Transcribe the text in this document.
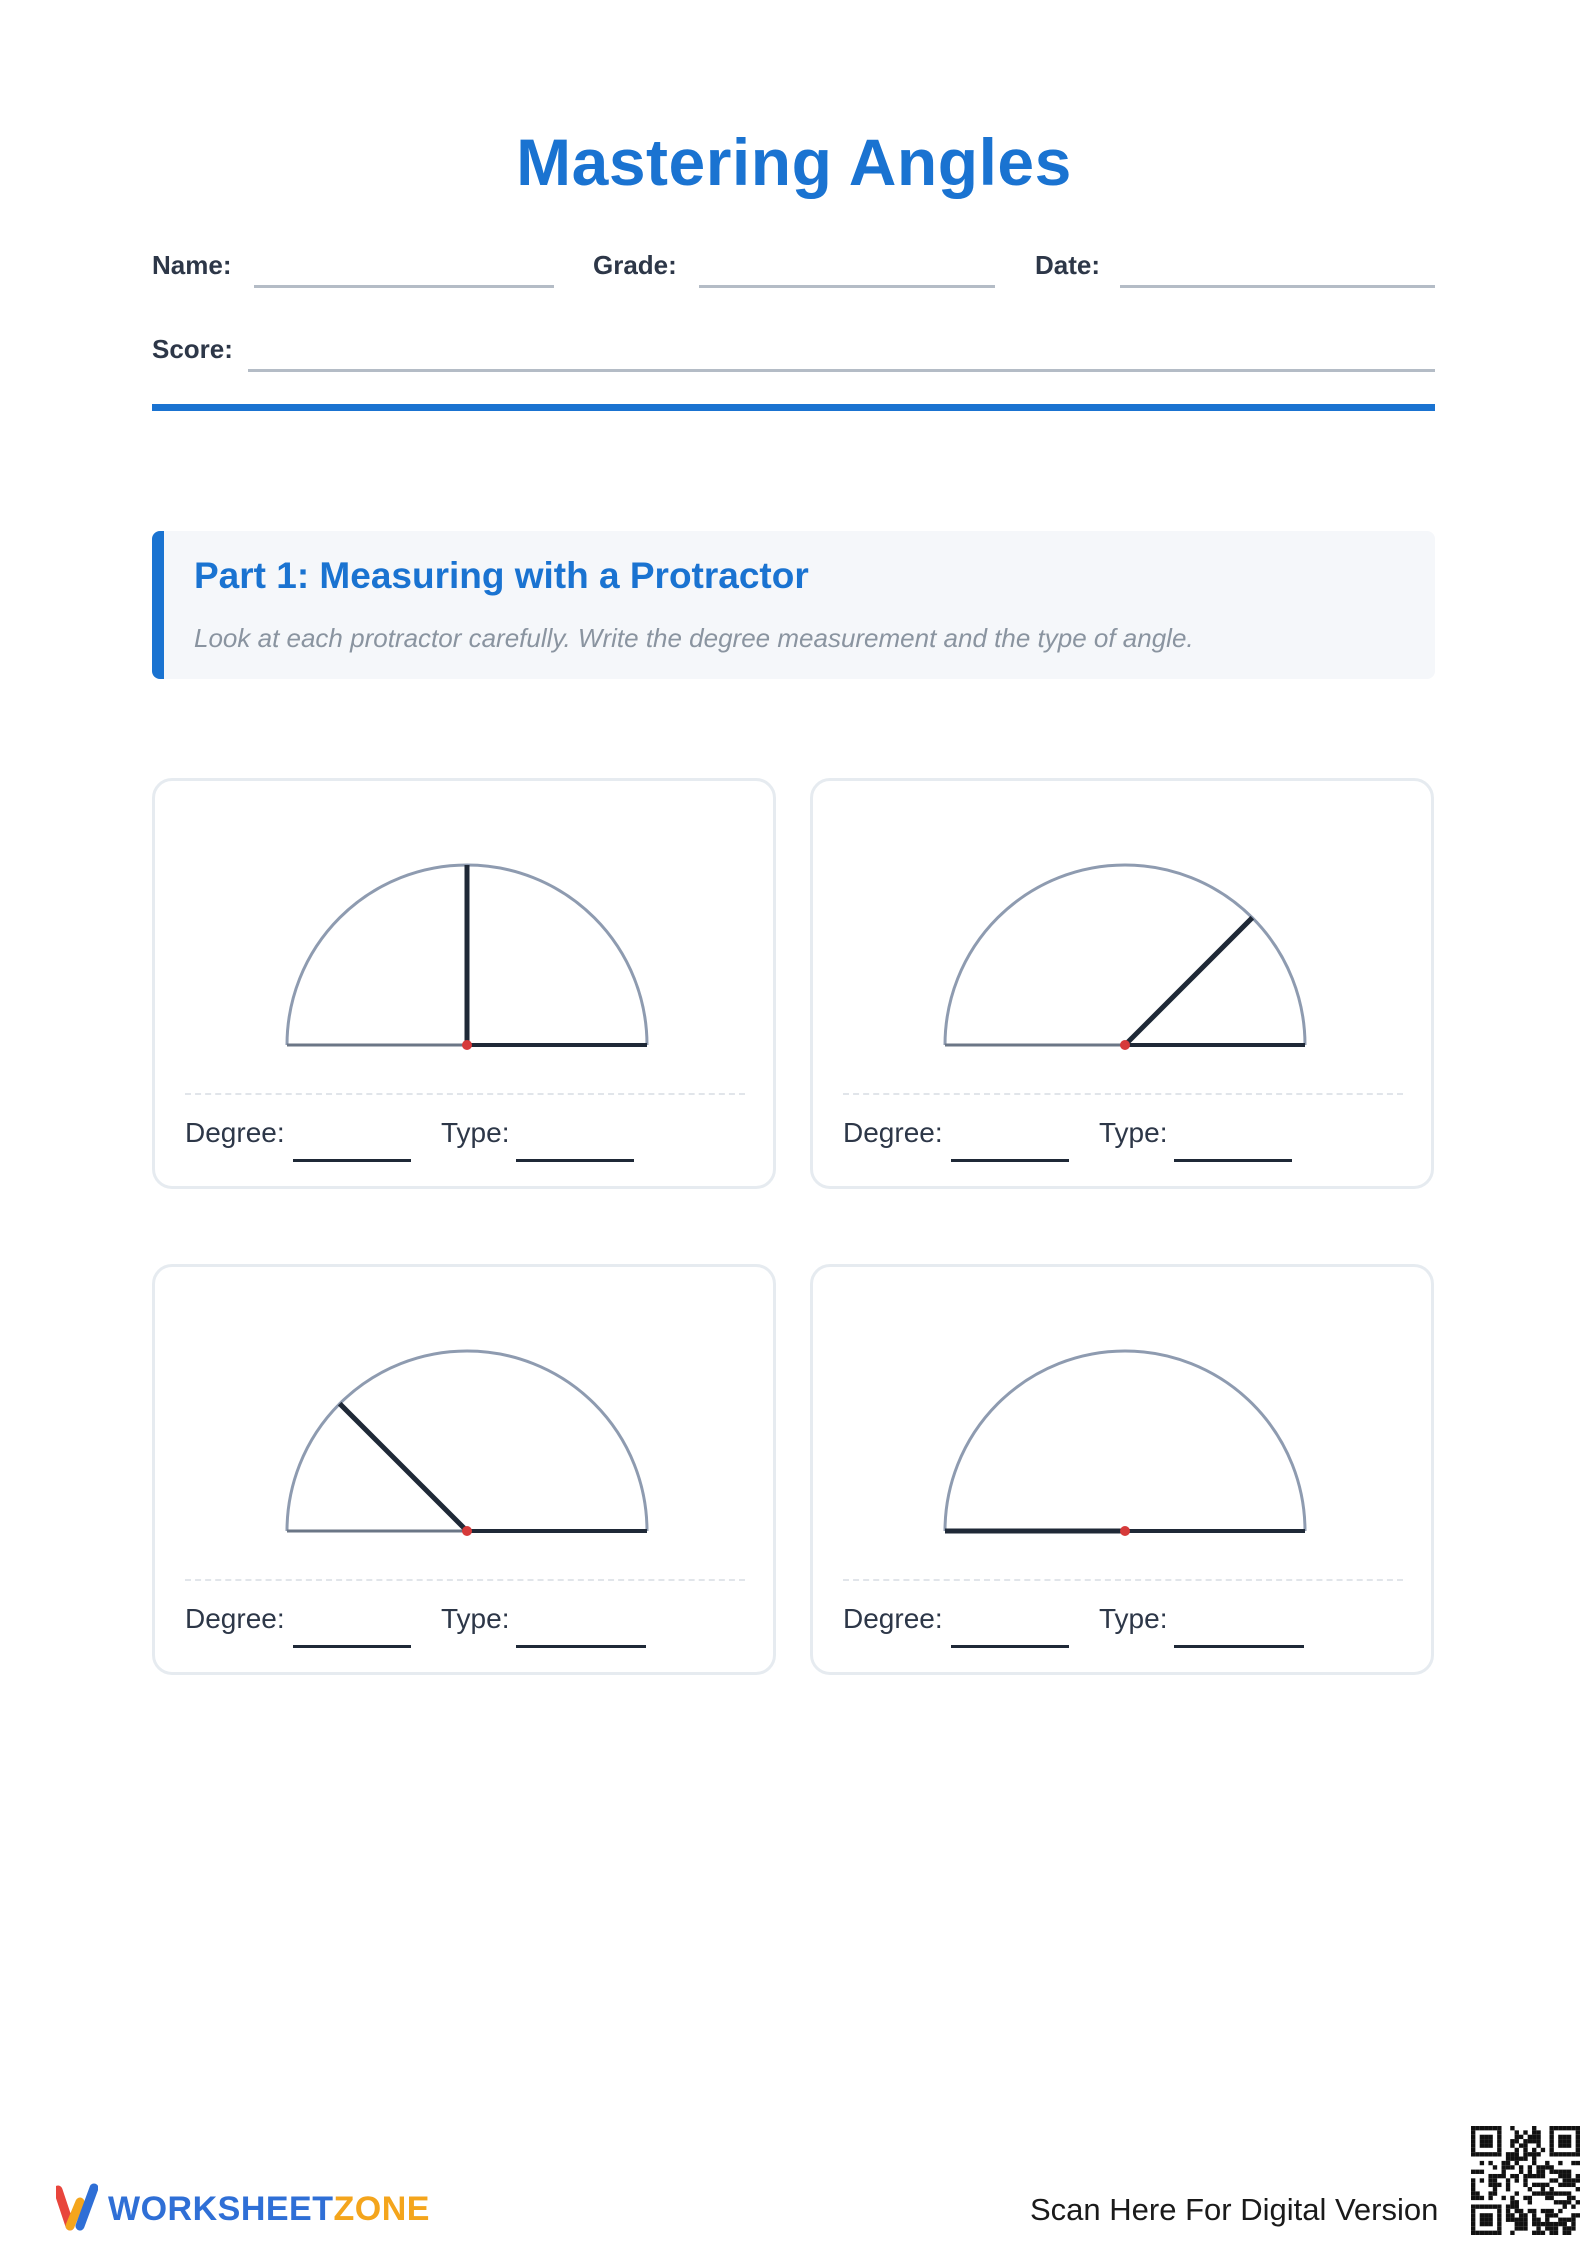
Mastering Angles
Name:	Grade:	Date:
Score:
Part 1: Measuring with a Protractor
Look at each protractor carefully. Write the degree measurement and the type of angle.
Degree:	Type:	Degree:	Type:
Degree:	Type:	Degree:	Type:
WORKSHEETZONE	Scan Here For Digital Version
